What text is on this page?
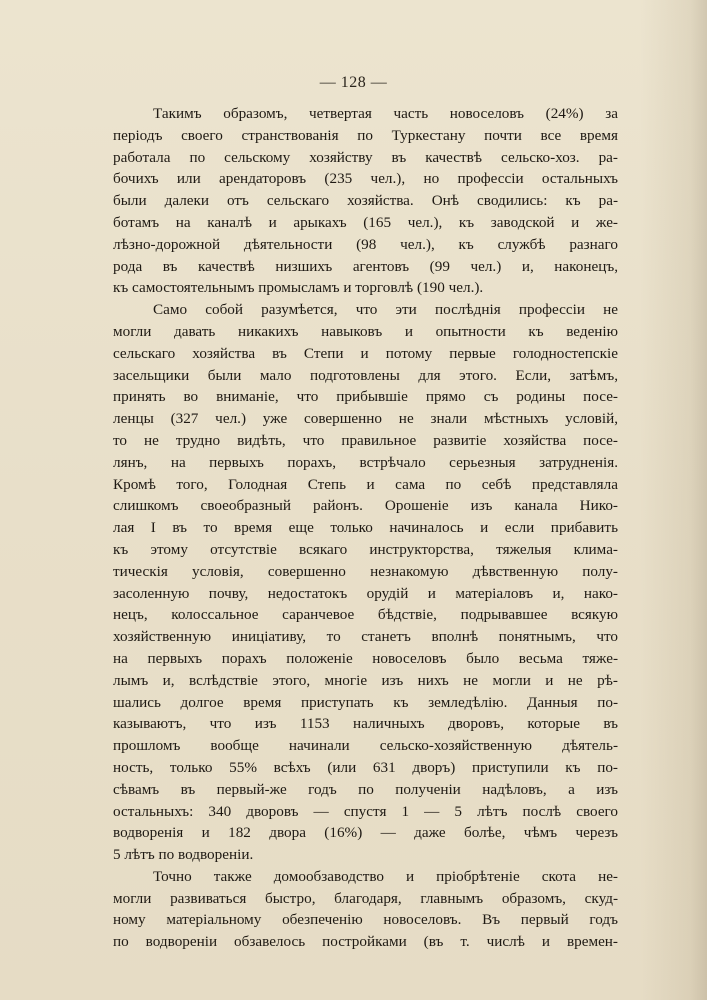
— 128 —
Такимъ образомъ, четвертая часть новоселовъ (24%) за
періодъ своего странствованія по Туркестану почти все время
работала по сельскому хозяйству въ качествѣ сельско-хоз. ра-
бочихъ или арендаторовъ (235 чел.), но профессіи остальныхъ
были далеки отъ сельскаго хозяйства. Онѣ сводились: къ ра-
ботамъ на каналѣ и арыкахъ (165 чел.), къ заводской и же-
лѣзно-дорожной дѣятельности (98 чел.), къ службѣ разнаго
рода въ качествѣ низшихъ агентовъ (99 чел.) и, наконецъ,
къ самостоятельнымъ промысламъ и торговлѣ (190 чел.).
Само собой разумѣется, что эти послѣднія профессіи не
могли давать никакихъ навыковъ и опытности къ веденію
сельскаго хозяйства въ Степи и потому первые голодностепскіе
засельщики были мало подготовлены для этого. Если, затѣмъ,
принять во вниманіе, что прибывшіе прямо съ родины посе-
ленцы (327 чел.) уже совершенно не знали мѣстныхъ условій,
то не трудно видѣть, что правильное развитіе хозяйства посе-
лянъ, на первыхъ порахъ, встрѣчало серьезныя затрудненія.
Кромѣ того, Голодная Степь и сама по себѣ представляла
слишкомъ своеобразный районъ. Орошеніе изъ канала Нико-
лая I въ то время еще только начиналось и если прибавить
къ этому отсутствіе всякаго инструкторства, тяжелыя клима-
тическія условія, совершенно незнакомую дѣвственную полу-
засоленную почву, недостатокъ орудій и матеріаловъ и, нако-
нецъ, колоссальное саранчевое бѣдствіе, подрывавшее всякую
хозяйственную иниціативу, то станетъ вполнѣ понятнымъ, что
на первыхъ порахъ положеніе новоселовъ было весьма тяже-
лымъ и, вслѣдствіе этого, многіе изъ нихъ не могли и не рѣ-
шались долгое время приступать къ земледѣлію. Данныя по-
казываютъ, что изъ 1153 наличныхъ дворовъ, которые въ
прошломъ вообще начинали сельско-хозяйственную дѣятель-
ность, только 55% всѣхъ (или 631 дворъ) приступили къ по-
сѣвамъ въ первый-же годъ по полученіи надѣловъ, а изъ
остальныхъ: 340 дворовъ — спустя 1 — 5 лѣтъ послѣ своего
водворенія и 182 двора (16%) — даже болѣе, чѣмъ черезъ
5 лѣтъ по водвореніи.
Точно также домообзаводство и пріобрѣтеніе скота не-
могли развиваться быстро, благодаря, главнымъ образомъ, скуд-
ному матеріальному обезпеченію новоселовъ. Въ первый годъ
по водвореніи обзавелось постройками (въ т. числѣ и времен-
